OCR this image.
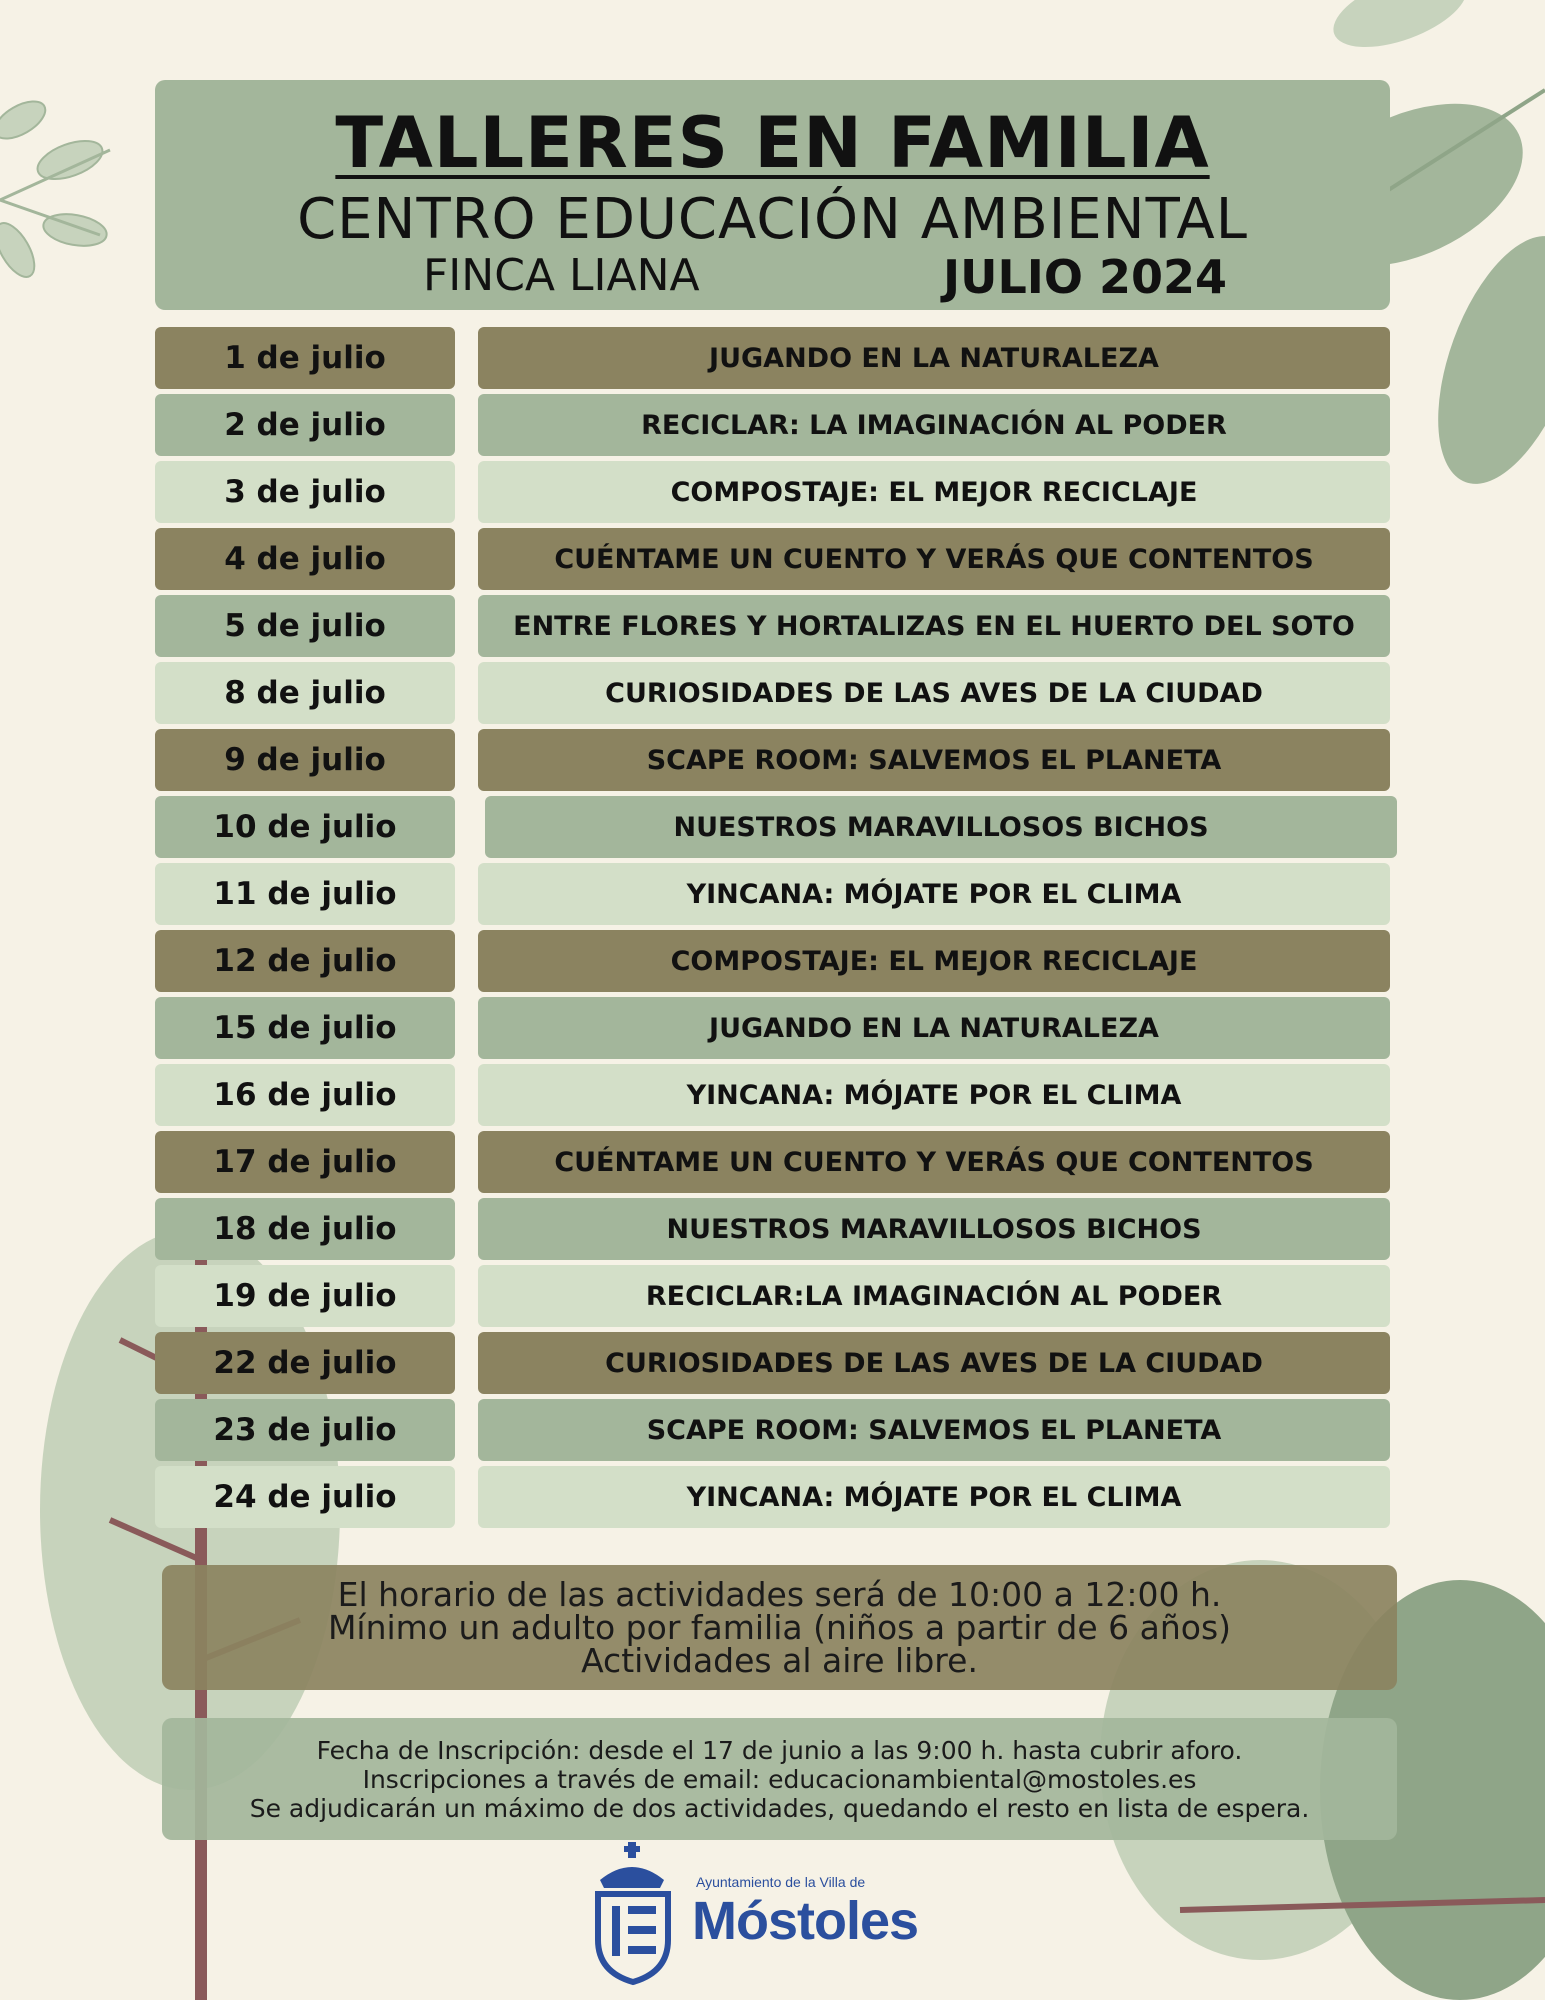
TALLERES EN FAMILIA
CENTRO EDUCACIÓN AMBIENTAL
FINCA LIANA	JULIO 2024
1 de julio	JUGANDO EN LA NATURALEZA
2 de julio	RECICLAR: LA IMAGINACIÓN AL PODER
3 de julio	COMPOSTAJE: EL MEJOR RECICLAJE
4 de julio	CUÉNTAME UN CUENTO Y VERÁS QUE CONTENTOS
5 de julio	ENTRE FLORES Y HORTALIZAS EN EL HUERTO DEL SOTO
8 de julio	CURIOSIDADES DE LAS AVES DE LA CIUDAD
9 de julio	SCAPE ROOM: SALVEMOS EL PLANETA
10 de julio	NUESTROS MARAVILLOSOS BICHOS
11 de julio	YINCANA: MÓJATE POR EL CLIMA
12 de julio	COMPOSTAJE: EL MEJOR RECICLAJE
15 de julio	JUGANDO EN LA NATURALEZA
16 de julio	YINCANA: MÓJATE POR EL CLIMA
17 de julio	CUÉNTAME UN CUENTO Y VERÁS QUE CONTENTOS
18 de julio	NUESTROS MARAVILLOSOS BICHOS
19 de julio	RECICLAR:LA IMAGINACIÓN AL PODER
22 de julio	CURIOSIDADES DE LAS AVES DE LA CIUDAD
23 de julio	SCAPE ROOM: SALVEMOS EL PLANETA
24 de julio	YINCANA: MÓJATE POR EL CLIMA
El horario de las actividades será de 10:00 a 12:00 h.
Mínimo un adulto por familia (niños a partir de 6 años)
Actividades al aire libre.
Fecha de Inscripción: desde el 17 de junio a las 9:00 h. hasta cubrir aforo.
Inscripciones a través de email: educacionambiental@mostoles.es
Se adjudicarán un máximo de dos actividades, quedando el resto en lista de espera.
Ayuntamiento de la Villa de
Móstoles
